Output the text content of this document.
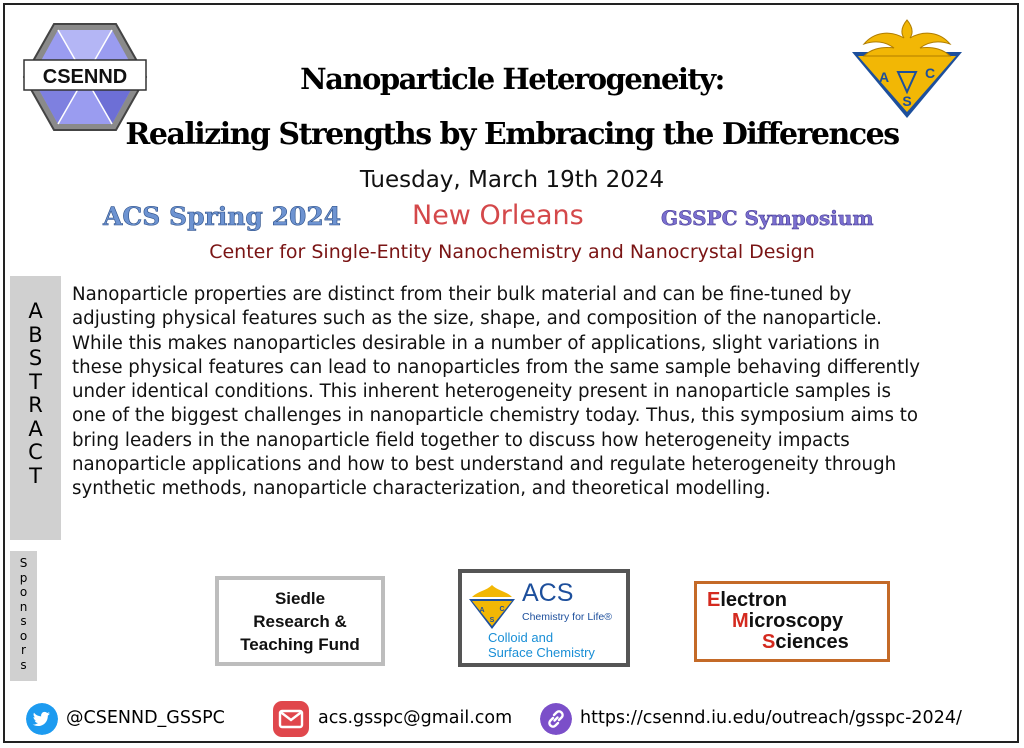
CSENND	A	C
S
Nanoparticle Heterogeneity:
Realizing Strengths by Embracing the Differences
Tuesday, March 19th 2024
ACS Spring 2024	New Orleans	GSSPC Symposium
Center for Single-Entity Nanochemistry and Nanocrystal Design
A
B
S
T
R
A
C
T
Nanoparticle properties are distinct from their bulk material and can be fine-tuned by
adjusting physical features such as the size, shape, and composition of the nanoparticle.
While this makes nanoparticles desirable in a number of applications, slight variations in
these physical features can lead to nanoparticles from the same sample behaving differently
under identical conditions. This inherent heterogeneity present in nanoparticle samples is
one of the biggest challenges in nanoparticle chemistry today. Thus, this symposium aims to
bring leaders in the nanoparticle field together to discuss how heterogeneity impacts
nanoparticle applications and how to best understand and regulate heterogeneity through
synthetic methods, nanoparticle characterization, and theoretical modelling.
S
p
o
n
s
o
r
s
Siedle
Research &
Teaching Fund
A C
S
ACS
Chemistry for Life®
Colloid and
Surface Chemistry
Electron
Microscopy
Sciences
@CSENND_GSSPC	acs.gsspc@gmail.com	https://csennd.iu.edu/outreach/gsspc-2024/
